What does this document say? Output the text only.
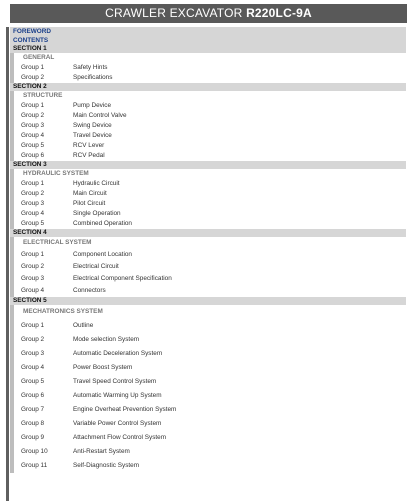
CRAWLER EXCAVATOR R220LC-9A
FOREWORD
CONTENTS
SECTION 1
GENERAL
Group 1	Safety Hints
Group 2	Specifications
SECTION 2
STRUCTURE
Group 1	Pump Device
Group 2	Main Control Valve
Group 3	Swing Device
Group 4	Travel Device
Group 5	RCV Lever
Group 6	RCV Pedal
SECTION 3
HYDRAULIC SYSTEM
Group 1	Hydraulic Circuit
Group 2	Main Circuit
Group 3	Pilot Circuit
Group 4	Single Operation
Group 5	Combined Operation
SECTION 4
ELECTRICAL SYSTEM
Group 1	Component Location
Group 2	Electrical Circuit
Group 3	Electrical Component Specification
Group 4	Connectors
SECTION 5
MECHATRONICS SYSTEM
Group 1	Outline
Group 2	Mode selection System
Group 3	Automatic Deceleration System
Group 4	Power Boost System
Group 5	Travel Speed Control System
Group 6	Automatic Warming Up System
Group 7	Engine Overheat Prevention System
Group 8	Variable Power Control System
Group 9	Attachment Flow Control System
Group 10	Anti-Restart System
Group 11	Self-Diagnostic System
